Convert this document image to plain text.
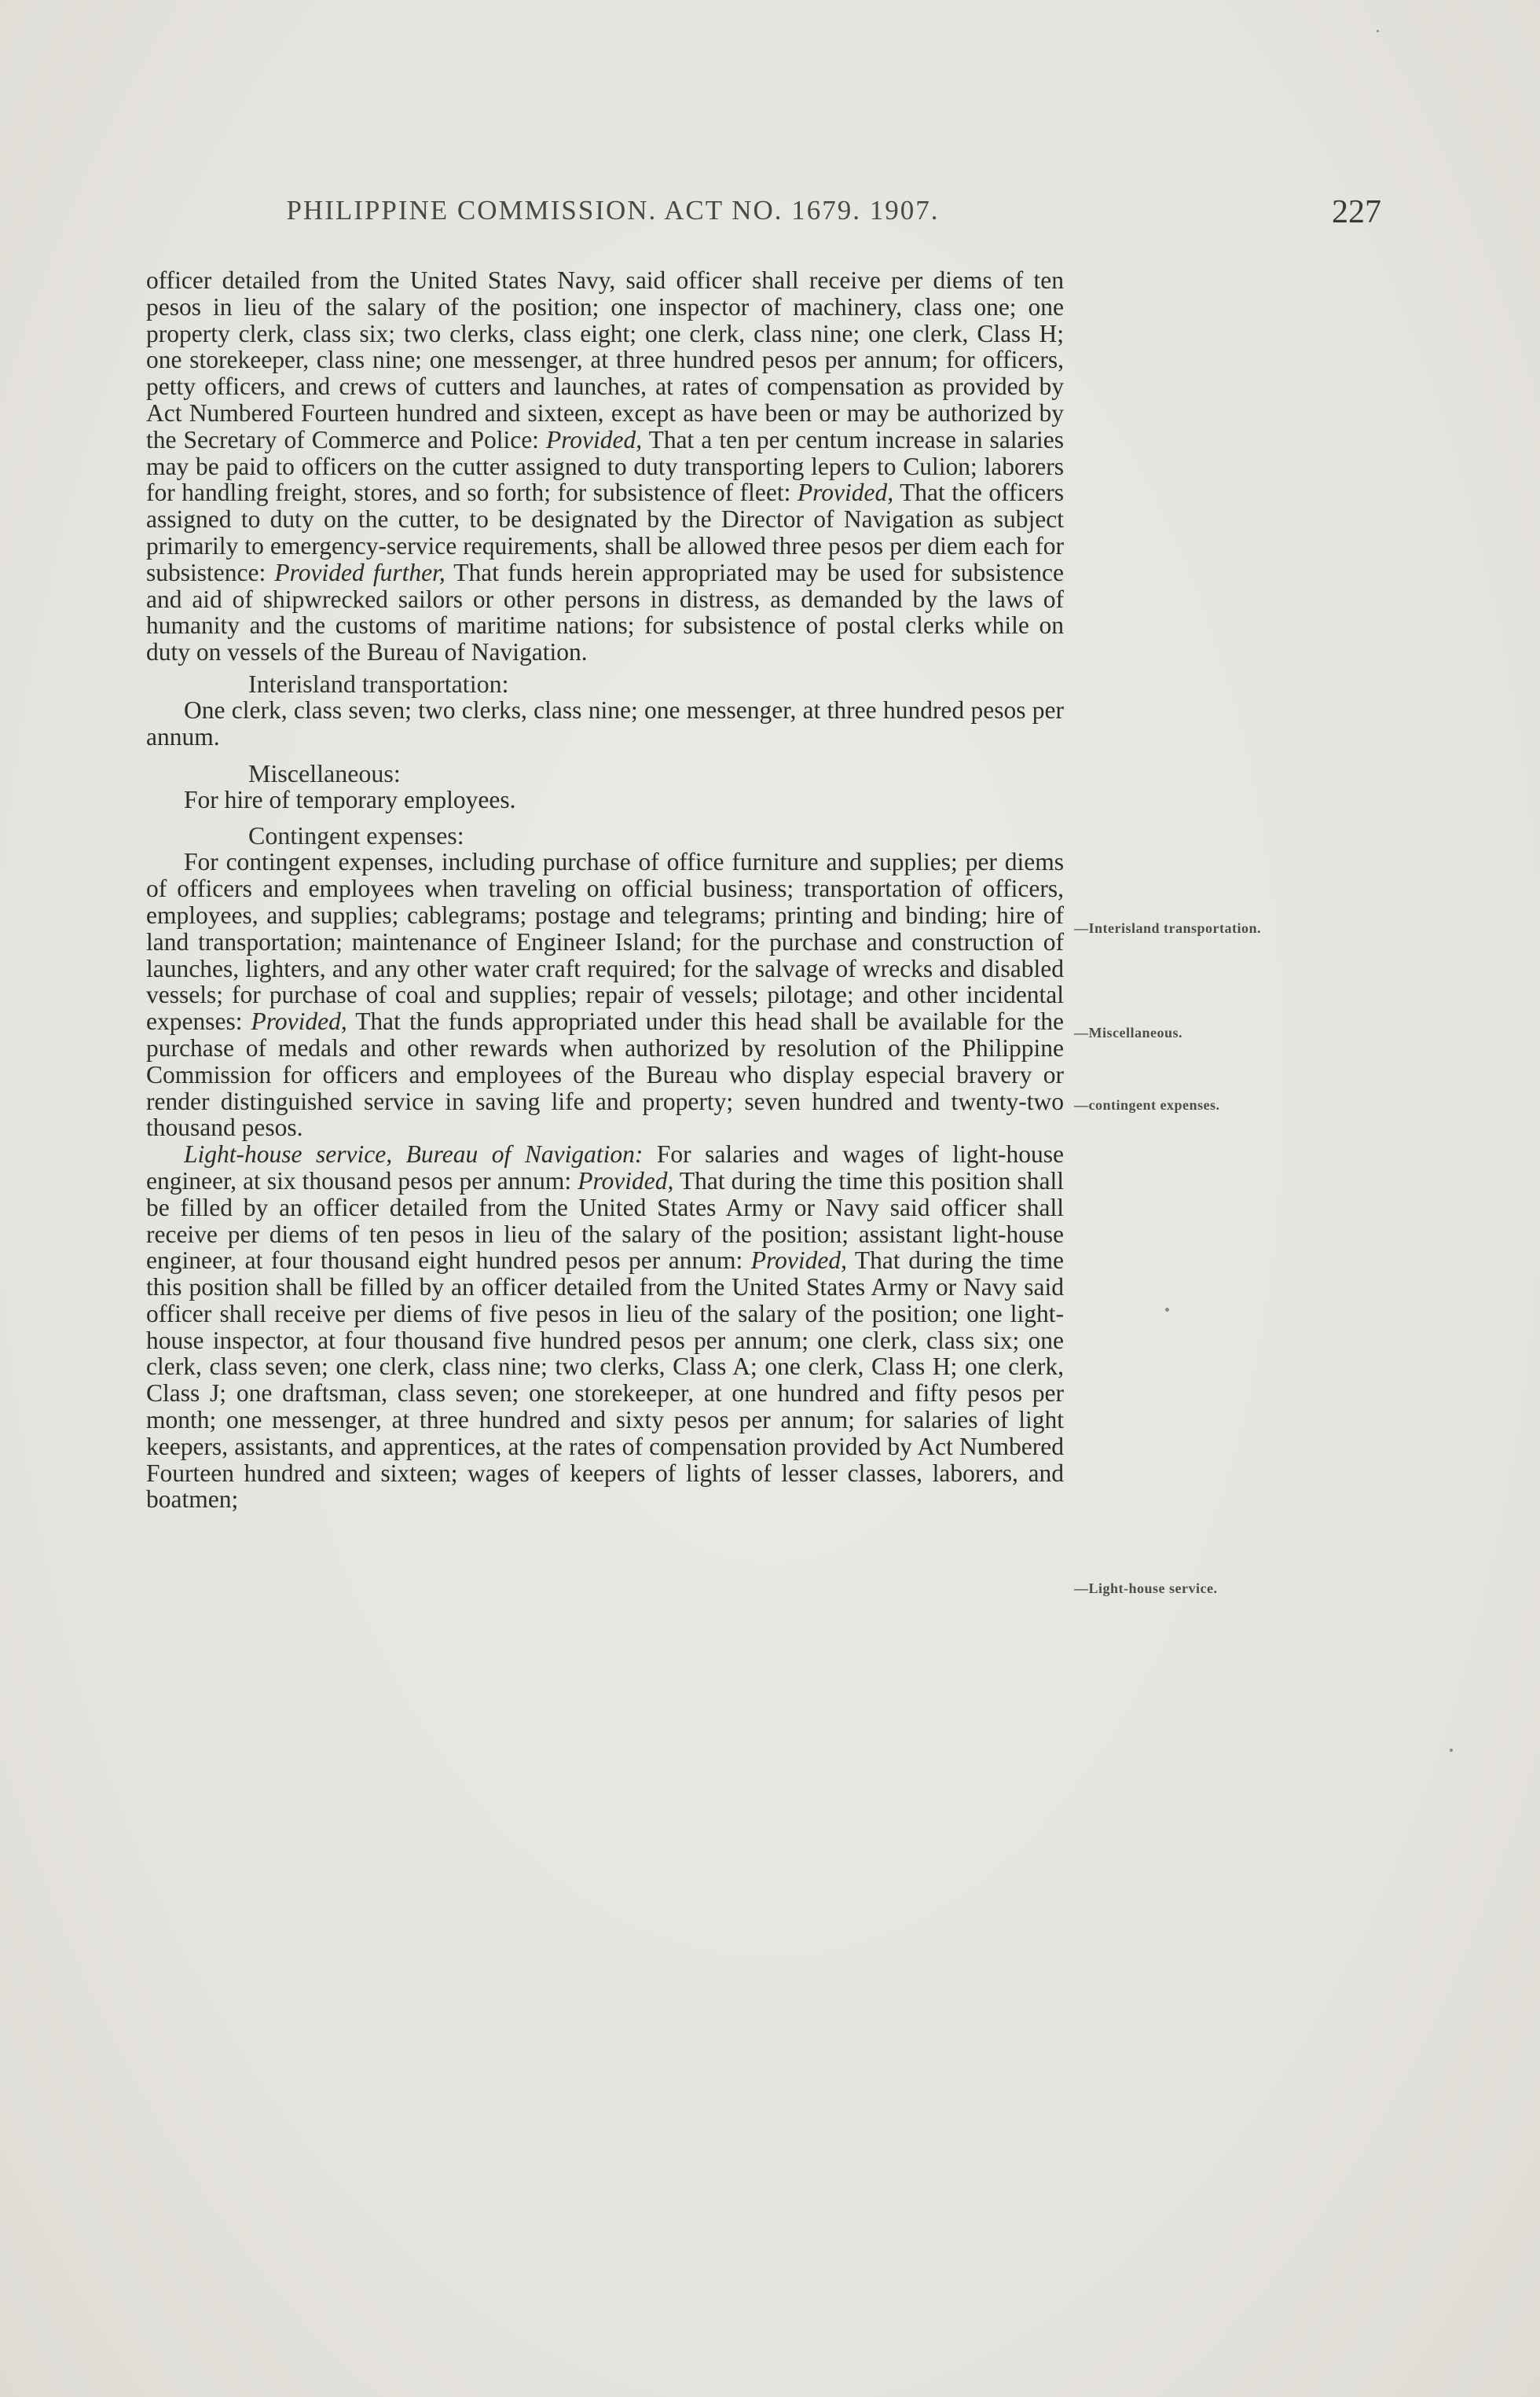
PHILIPPINE COMMISSION. ACT NO. 1679. 1907.	227

officer detailed from the United States Navy, said officer shall receive per diems of ten pesos in lieu of the salary of the position; one inspector of machinery, class one; one property clerk, class six; two clerks, class eight; one clerk, class nine; one clerk, Class H; one storekeeper, class nine; one messenger, at three hundred pesos per annum; for officers, petty officers, and crews of cutters and launches, at rates of compensation as provided by Act Numbered Fourteen hundred and sixteen, except as have been or may be authorized by the Secretary of Commerce and Police: Provided, That a ten per centum increase in salaries may be paid to officers on the cutter assigned to duty transporting lepers to Culion; laborers for handling freight, stores, and so forth; for subsistence of fleet: Provided, That the officers assigned to duty on the cutter, to be designated by the Director of Navigation as subject primarily to emergency-service requirements, shall be allowed three pesos per diem each for subsistence: Provided further, That funds herein appropriated may be used for subsistence and aid of shipwrecked sailors or other persons in distress, as demanded by the laws of humanity and the customs of maritime nations; for subsistence of postal clerks while on duty on vessels of the Bureau of Navigation.

Interisland transportation:

One clerk, class seven; two clerks, class nine; one messenger, at three hundred pesos per annum.

Miscellaneous:

For hire of temporary employees.

Contingent expenses:

For contingent expenses, including purchase of office furniture and supplies; per diems of officers and employees when traveling on official business; transportation of officers, employees, and supplies; cablegrams; postage and telegrams; printing and binding; hire of land transportation; maintenance of Engineer Island; for the purchase and construction of launches, lighters, and any other water craft required; for the salvage of wrecks and disabled vessels; for purchase of coal and supplies; repair of vessels; pilotage; and other incidental expenses: Provided, That the funds appropriated under this head shall be available for the purchase of medals and other rewards when authorized by resolution of the Philippine Commission for officers and employees of the Bureau who display especial bravery or render distinguished service in saving life and property; seven hundred and twenty-two thousand pesos.

Light-house service, Bureau of Navigation: For salaries and wages of light-house engineer, at six thousand pesos per annum: Provided, That during the time this position shall be filled by an officer detailed from the United States Army or Navy said officer shall receive per diems of ten pesos in lieu of the salary of the position; assistant light-house engineer, at four thousand eight hundred pesos per annum: Provided, That during the time this position shall be filled by an officer detailed from the United States Army or Navy said officer shall receive per diems of five pesos in lieu of the salary of the position; one light-house inspector, at four thousand five hundred pesos per annum; one clerk, class six; one clerk, class seven; one clerk, class nine; two clerks, Class A; one clerk, Class H; one clerk, Class J; one draftsman, class seven; one storekeeper, at one hundred and fifty pesos per month; one messenger, at three hundred and sixty pesos per annum; for salaries of light keepers, assistants, and apprentices, at the rates of compensation provided by Act Numbered Fourteen hundred and sixteen; wages of keepers of lights of lesser classes, laborers, and boatmen;

—Interisland transportation.
—Miscellaneous.
—contingent expenses.
—Light-house service.
